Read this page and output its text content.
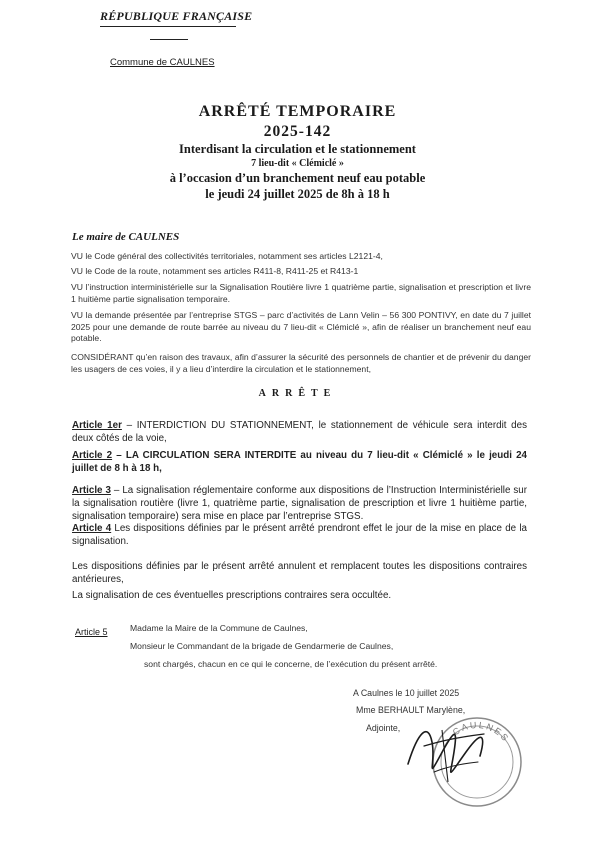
RÉPUBLIQUE FRANÇAISE
Commune de CAULNES
ARRÊTÉ TEMPORAIRE
2025-142
Interdisant la circulation et le stationnement
7 lieu-dit « Clémiclé »
à l’occasion d’un branchement neuf eau potable
le jeudi 24 juillet 2025 de 8h à 18 h
Le maire de CAULNES
VU le Code général des collectivités territoriales, notamment ses articles L2121-4,
VU le Code de la route, notamment ses articles R411-8, R411-25 et R413-1
VU l’instruction interministérielle sur la Signalisation Routière livre 1 quatrième partie, signalisation et prescription et livre 1 huitième partie signalisation temporaire.
VU la demande présentée par l’entreprise STGS – parc d’activités de Lann Velin – 56 300 PONTIVY, en date du 7 juillet 2025 pour une demande de route barrée au niveau du 7 lieu-dit « Clémiclé », afin de réaliser un branchement neuf eau potable.
CONSIDÉRANT qu’en raison des travaux, afin d’assurer la sécurité des personnels de chantier et de prévenir du danger les usagers de ces voies, il y a lieu d’interdire la circulation et le stationnement,
ARRÊTE
Article 1er – INTERDICTION DU STATIONNEMENT, le stationnement de véhicule sera interdit des deux côtés de la voie,
Article 2 – LA CIRCULATION SERA INTERDITE au niveau du 7 lieu-dit « Clémiclé » le jeudi 24 juillet de 8 h à 18 h,
Article 3 – La signalisation réglementaire conforme aux dispositions de l’Instruction Interministérielle sur la signalisation routière (livre 1, quatrième partie, signalisation de prescription et livre 1 huitième partie, signalisation temporaire) sera mise en place par l’entreprise STGS.
Article 4 Les dispositions définies par le présent arrêté prendront effet le jour de la mise en place de la signalisation.
Les dispositions définies par le présent arrêté annulent et remplacent toutes les dispositions contraires antérieures,
La signalisation de ces éventuelles prescriptions contraires sera occultée.
Article 5	Madame la Maire de la Commune de Caulnes,
Monsieur le Commandant de la brigade de Gendarmerie de Caulnes,
sont chargés, chacun en ce qui le concerne, de l’exécution du présent arrêté.
A Caulnes le 10 juillet 2025
Mme BERHAULT Marylène,
Adjointe,	CAULNES
